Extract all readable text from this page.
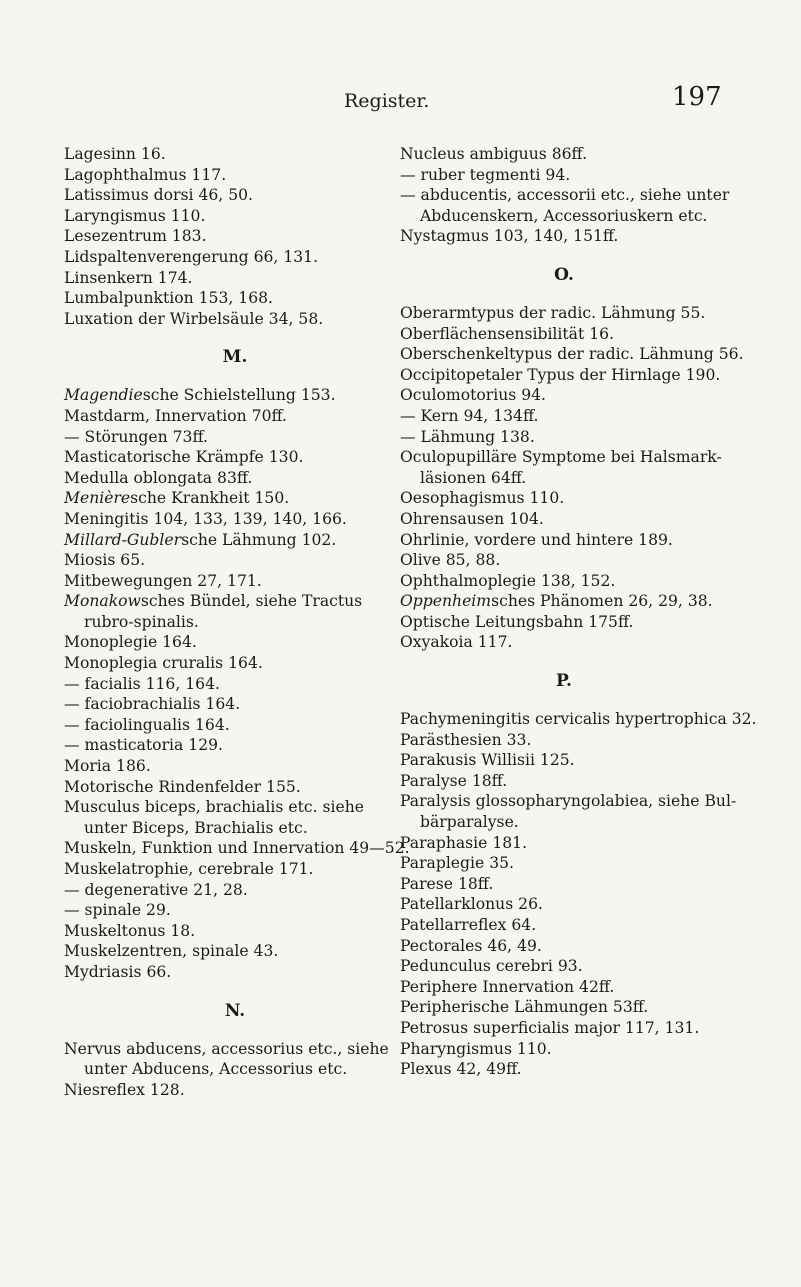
Register.	197
Lagesinn 16.
Lagophthalmus 117.
Latissimus dorsi 46, 50.
Laryngismus 110.
Lesezentrum 183.
Lidspaltenverengerung 66, 131.
Linsenkern 174.
Lumbalpunktion 153, 168.
Luxation der Wirbelsäule 34, 58.
M.
Magendiesche Schielstellung 153.
Mastdarm, Innervation 70ff.
— Störungen 73ff.
Masticatorische Krämpfe 130.
Medulla oblongata 83ff.
Menièresche Krankheit 150.
Meningitis 104, 133, 139, 140, 166.
Millard-Gublersche Lähmung 102.
Miosis 65.
Mitbewegungen 27, 171.
Monakowsches Bündel, siehe Tractus rubro-spinalis.
Monoplegie 164.
Monoplegia cruralis 164.
— facialis 116, 164.
— faciobrachialis 164.
— faciolingualis 164.
— masticatoria 129.
Moria 186.
Motorische Rindenfelder 155.
Musculus biceps, brachialis etc. siehe unter Biceps, Brachialis etc.
Muskeln, Funktion und Innervation 49—52.
Muskelatrophie, cerebrale 171.
— degenerative 21, 28.
— spinale 29.
Muskeltonus 18.
Muskelzentren, spinale 43.
Mydriasis 66.
N.
Nervus abducens, accessorius etc., siehe unter Abducens, Accessorius etc.
Niesreflex 128.
Nucleus ambiguus 86ff.
— ruber tegmenti 94.
— abducentis, accessorii etc., siehe unter Abducenskern, Accessoriuskern etc.
Nystagmus 103, 140, 151ff.
O.
Oberarmtypus der radic. Lähmung 55.
Oberflächensensibilität 16.
Oberschenkeltypus der radic. Lähmung 56.
Occipitopetaler Typus der Hirnlage 190.
Oculomotorius 94.
— Kern 94, 134ff.
— Lähmung 138.
Oculopupilläre Symptome bei Halsmark-läsionen 64ff.
Oesophagismus 110.
Ohrensausen 104.
Ohrlinie, vordere und hintere 189.
Olive 85, 88.
Ophthalmoplegie 138, 152.
Oppenheimsches Phänomen 26, 29, 38.
Optische Leitungsbahn 175ff.
Oxyakoia 117.
P.
Pachymeningitis cervicalis hypertrophica 32.
Parästhesien 33.
Parakusis Willisii 125.
Paralyse 18ff.
Paralysis glossopharyngolabiea, siehe Bul-bärparalyse.
Paraphasie 181.
Paraplegie 35.
Parese 18ff.
Patellarklonus 26.
Patellarreflex 64.
Pectorales 46, 49.
Pedunculus cerebri 93.
Periphere Innervation 42ff.
Peripherische Lähmungen 53ff.
Petrosus superficialis major 117, 131.
Pharyngismus 110.
Plexus 42, 49ff.
